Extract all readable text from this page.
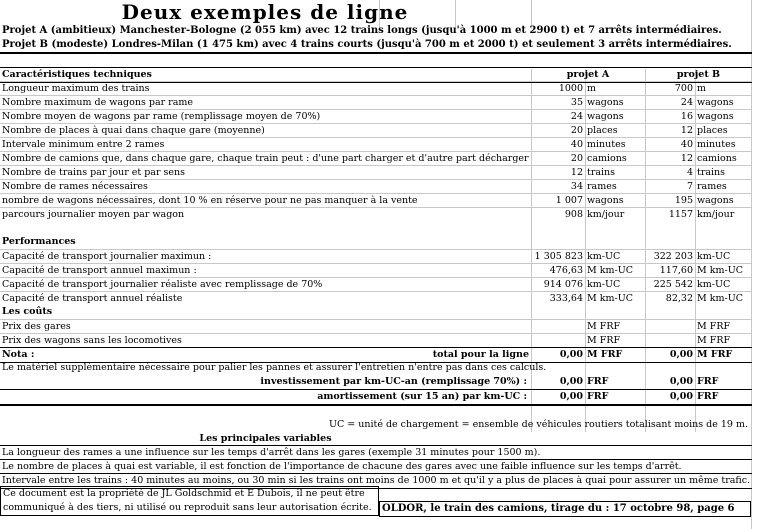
Deux exemples de ligne
Projet A (ambitieux) Manchester-Bologne (2 055 km) avec 12 trains longs (jusqu'à 1000 m et 2900 t) et 7 arrêts intermédiaires.
Projet B (modeste) Londres-Milan (1 475 km) avec 4 trains courts (jusqu'à 700 m et 2000 t) et seulement 3 arrêts intermédiaires.
Caractéristiques techniques	projet A	projet B
Longueur maximum des trains	1000 m	700 m
Nombre maximum de wagons par rame	35 wagons	24 wagons
Nombre moyen de wagons par rame (remplissage moyen de 70%)	24 wagons	16 wagons
Nombre de places à quai dans chaque gare (moyenne)	20 places	12 places
Intervale minimum entre 2 rames	40 minutes	40 minutes
Nombre de camions que, dans chaque gare, chaque train peut : d'une part charger et d'autre part décharger	20 camions	12 camions
Nombre de trains par jour et par sens	12 trains	4 trains
Nombre de rames nécessaires	34 rames	7 rames
nombre de wagons nécessaires, dont 10 % en réserve pour ne pas manquer à la vente	1 007 wagons	195 wagons
parcours journalier moyen par wagon	908 km/jour	1157 km/jour
Performances
Capacité de transport journalier maximun :	1 305 823 km-UC	322 203 km-UC
Capacité de transport annuel maximun :	476,63 M km-UC	117,60 M km-UC
Capacité de transport journalier réaliste avec remplissage de 70%	914 076 km-UC	225 542 km-UC
Capacité de transport annuel réaliste	333,64 M km-UC	82,32 M km-UC
Les coûts
Prix des gares	M FRF	M FRF
Prix des wagons sans les locomotives	M FRF	M FRF
Nota :	total pour la ligne	0,00 M FRF	0,00 M FRF
Le matériel supplémentaire nécessaire pour palier les pannes et assurer l'entretien n'entre pas dans ces calculs.
investissement par km-UC-an (remplissage 70%) :	0,00 FRF	0,00 FRF
amortissement (sur 15 an) par km-UC :	0,00 FRF	0,00 FRF
UC = unité de chargement = ensemble de véhicules routiers totalisant moins de 19 m.
Les principales variables
La longueur des rames a une influence sur les temps d'arrêt dans les gares (exemple 31 minutes pour 1500 m).
Le nombre de places à quai est variable, il est fonction de l'importance de chacune des gares avec une faible influence sur les temps d'arrêt.
Intervale entre les trains : 40 minutes au moins, ou 30 min si les trains ont moins de 1000 m et qu'il y a plus de places à quai pour assurer un même trafic.
Ce document est la propriété de JL Goldschmid et E Dubois, il ne peut être
communiqué à des tiers, ni utilisé ou reproduit sans leur autorisation écrite.	OLDOR, le train des camions, tirage du : 17 octobre 98, page 6
